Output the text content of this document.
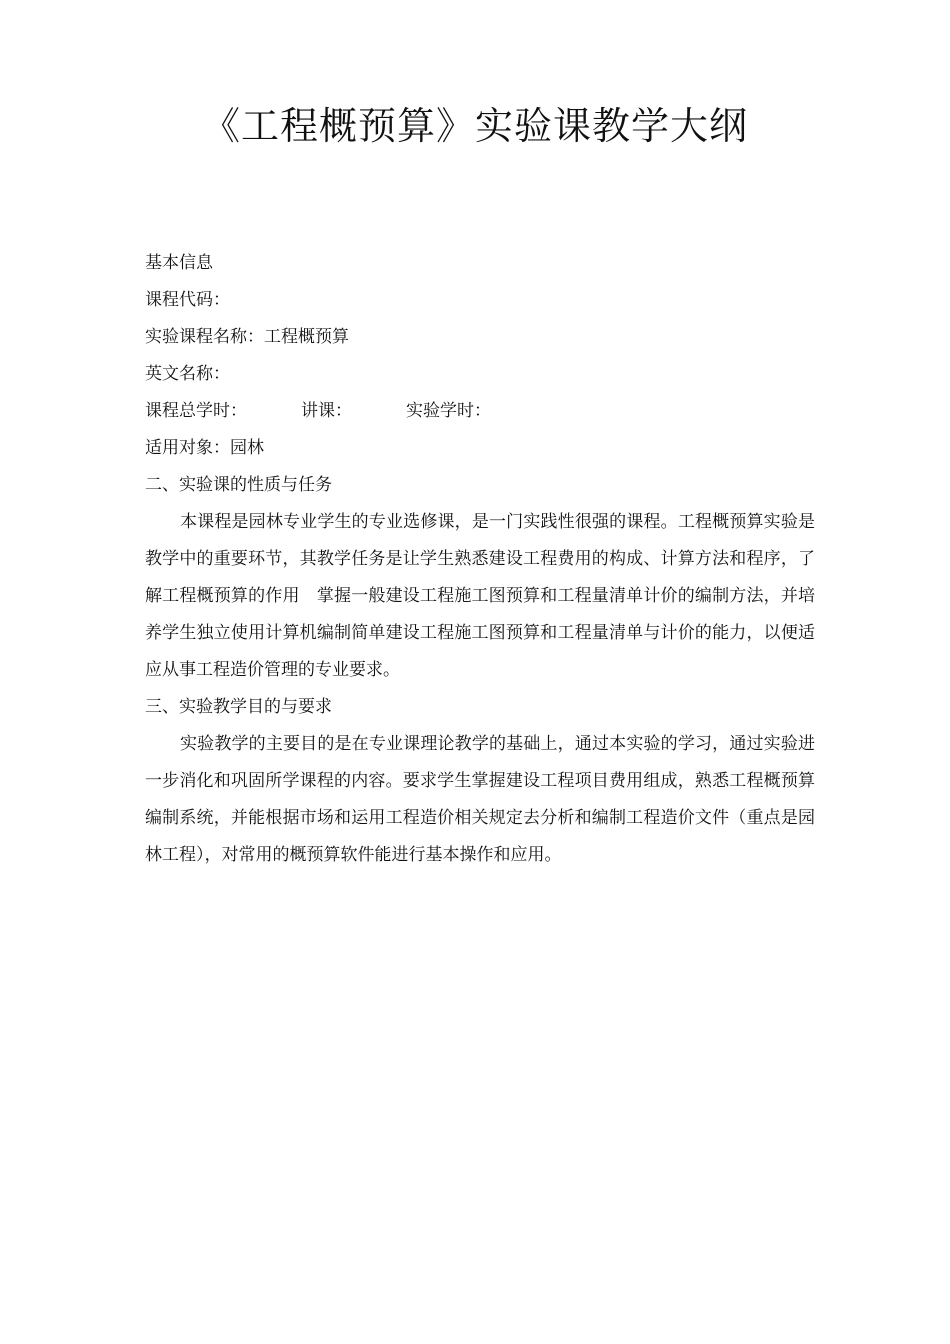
《工程概预算》实验课教学大纲

基本信息

课程代码：

实验课程名称：工程概预算

英文名称：

课程总学时：	讲课：	实验学时：

适用对象：园林

二、实验课的性质与任务

本课程是园林专业学生的专业选修课，是一门实践性很强的课程。工程概预算实验是教学中的重要环节，其教学任务是让学生熟悉建设工程费用的构成、计算方法和程序，了解工程概预算的作用　掌握一般建设工程施工图预算和工程量清单计价的编制方法，并培养学生独立使用计算机编制简单建设工程施工图预算和工程量清单与计价的能力，以便适应从事工程造价管理的专业要求。

三、实验教学目的与要求

实验教学的主要目的是在专业课理论教学的基础上，通过本实验的学习，通过实验进一步消化和巩固所学课程的内容。要求学生掌握建设工程项目费用组成，熟悉工程概预算编制系统，并能根据市场和运用工程造价相关规定去分析和编制工程造价文件（重点是园林工程），对常用的概预算软件能进行基本操作和应用。
